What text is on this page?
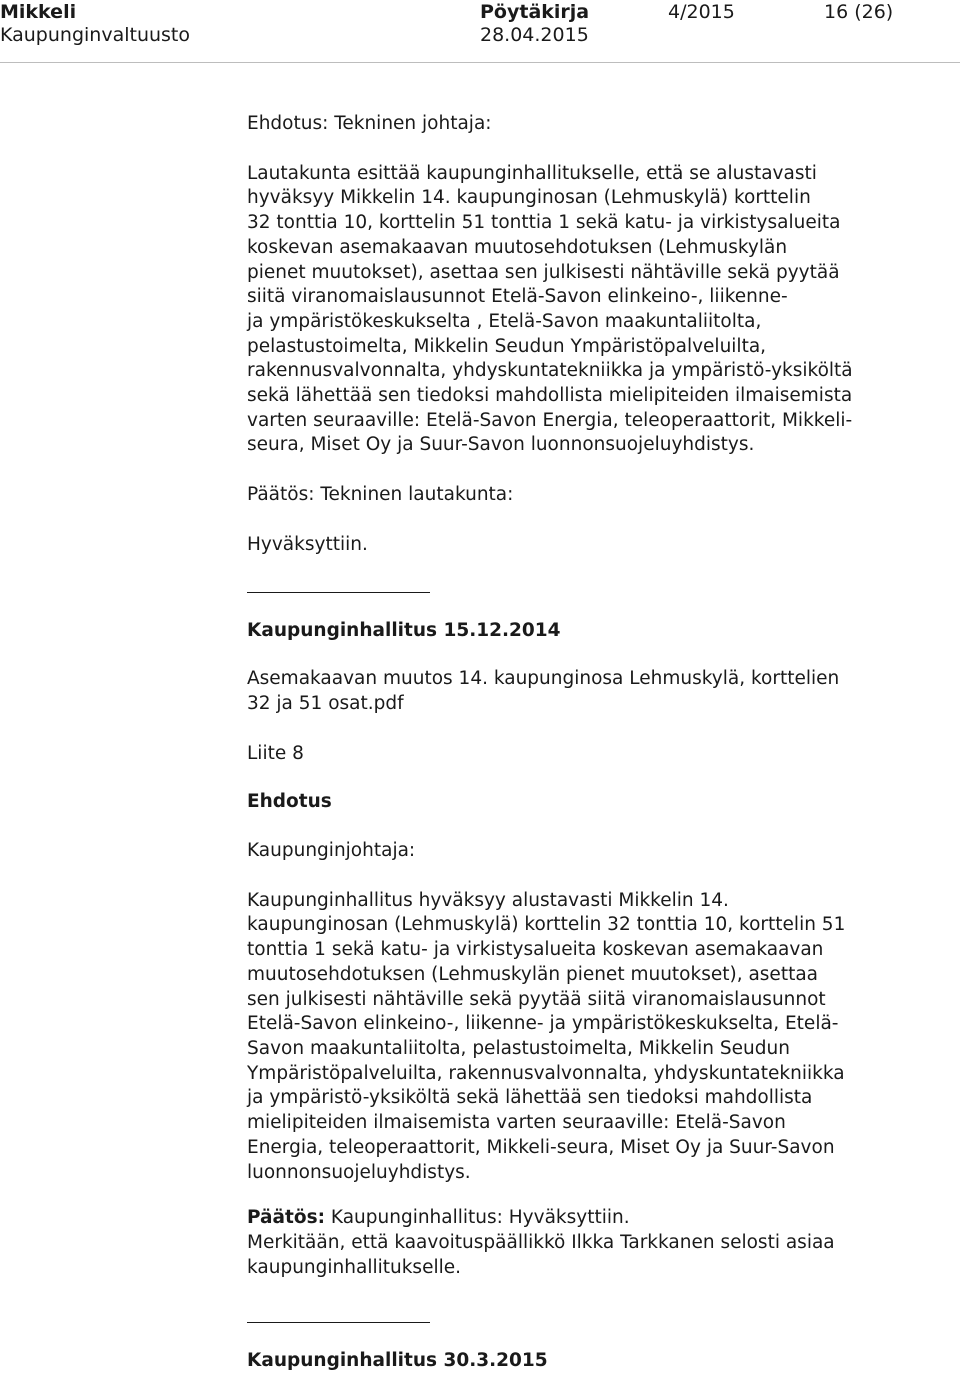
Mikkeli
Kaupunginvaltuusto
Pöytäkirja
28.04.2015
4/2015	16 (26)

Ehdotus: Tekninen johtaja:

Lautakunta esittää kaupunginhallitukselle, että se alustavasti

hyväksyy Mikkelin 14. kaupunginosan (Lehmuskylä) korttelin

32 tonttia 10, korttelin 51 tonttia 1 sekä katu- ja virkistysalueita

koskevan asemakaavan muutosehdotuksen (Lehmuskylän

pienet muutokset), asettaa sen julkisesti nähtäville sekä pyytää

siitä viranomaislausunnot Etelä-Savon elinkeino-, liikenne-

ja ympäristökeskukselta , Etelä-Savon maakuntaliitolta,

pelastustoimelta, Mikkelin Seudun Ympäristöpalveluilta,

rakennusvalvonnalta, yhdyskuntatekniikka ja ympäristö-yksiköltä

sekä lähettää sen tiedoksi mahdollista mielipiteiden ilmaisemista

varten seuraaville: Etelä-Savon Energia, teleoperaattorit, Mikkeli-

seura, Miset Oy ja Suur-Savon luonnonsuojeluyhdistys.

Päätös: Tekninen lautakunta:

Hyväksyttiin.

Kaupunginhallitus 15.12.2014

Asemakaavan muutos 14. kaupunginosa Lehmuskylä, korttelien

32 ja 51 osat.pdf

Liite 8

Ehdotus

Kaupunginjohtaja:

Kaupunginhallitus hyväksyy alustavasti Mikkelin 14.

kaupunginosan (Lehmuskylä) korttelin 32 tonttia 10, korttelin 51

tonttia 1 sekä katu- ja virkistysalueita koskevan asemakaavan

muutosehdotuksen (Lehmuskylän pienet muutokset), asettaa

sen julkisesti nähtäville sekä pyytää siitä viranomaislausunnot

Etelä-Savon elinkeino-, liikenne- ja ympäristökeskukselta, Etelä-

Savon maakuntaliitolta, pelastustoimelta, Mikkelin Seudun

Ympäristöpalveluilta, rakennusvalvonnalta, yhdyskuntatekniikka

ja ympäristö-yksiköltä sekä lähettää sen tiedoksi mahdollista

mielipiteiden ilmaisemista varten seuraaville: Etelä-Savon

Energia, teleoperaattorit, Mikkeli-seura, Miset Oy ja Suur-Savon

luonnonsuojeluyhdistys.

Päätös: Kaupunginhallitus: Hyväksyttiin.

Merkitään, että kaavoituspäällikkö Ilkka Tarkkanen selosti asiaa

kaupunginhallitukselle.

Kaupunginhallitus 30.3.2015
